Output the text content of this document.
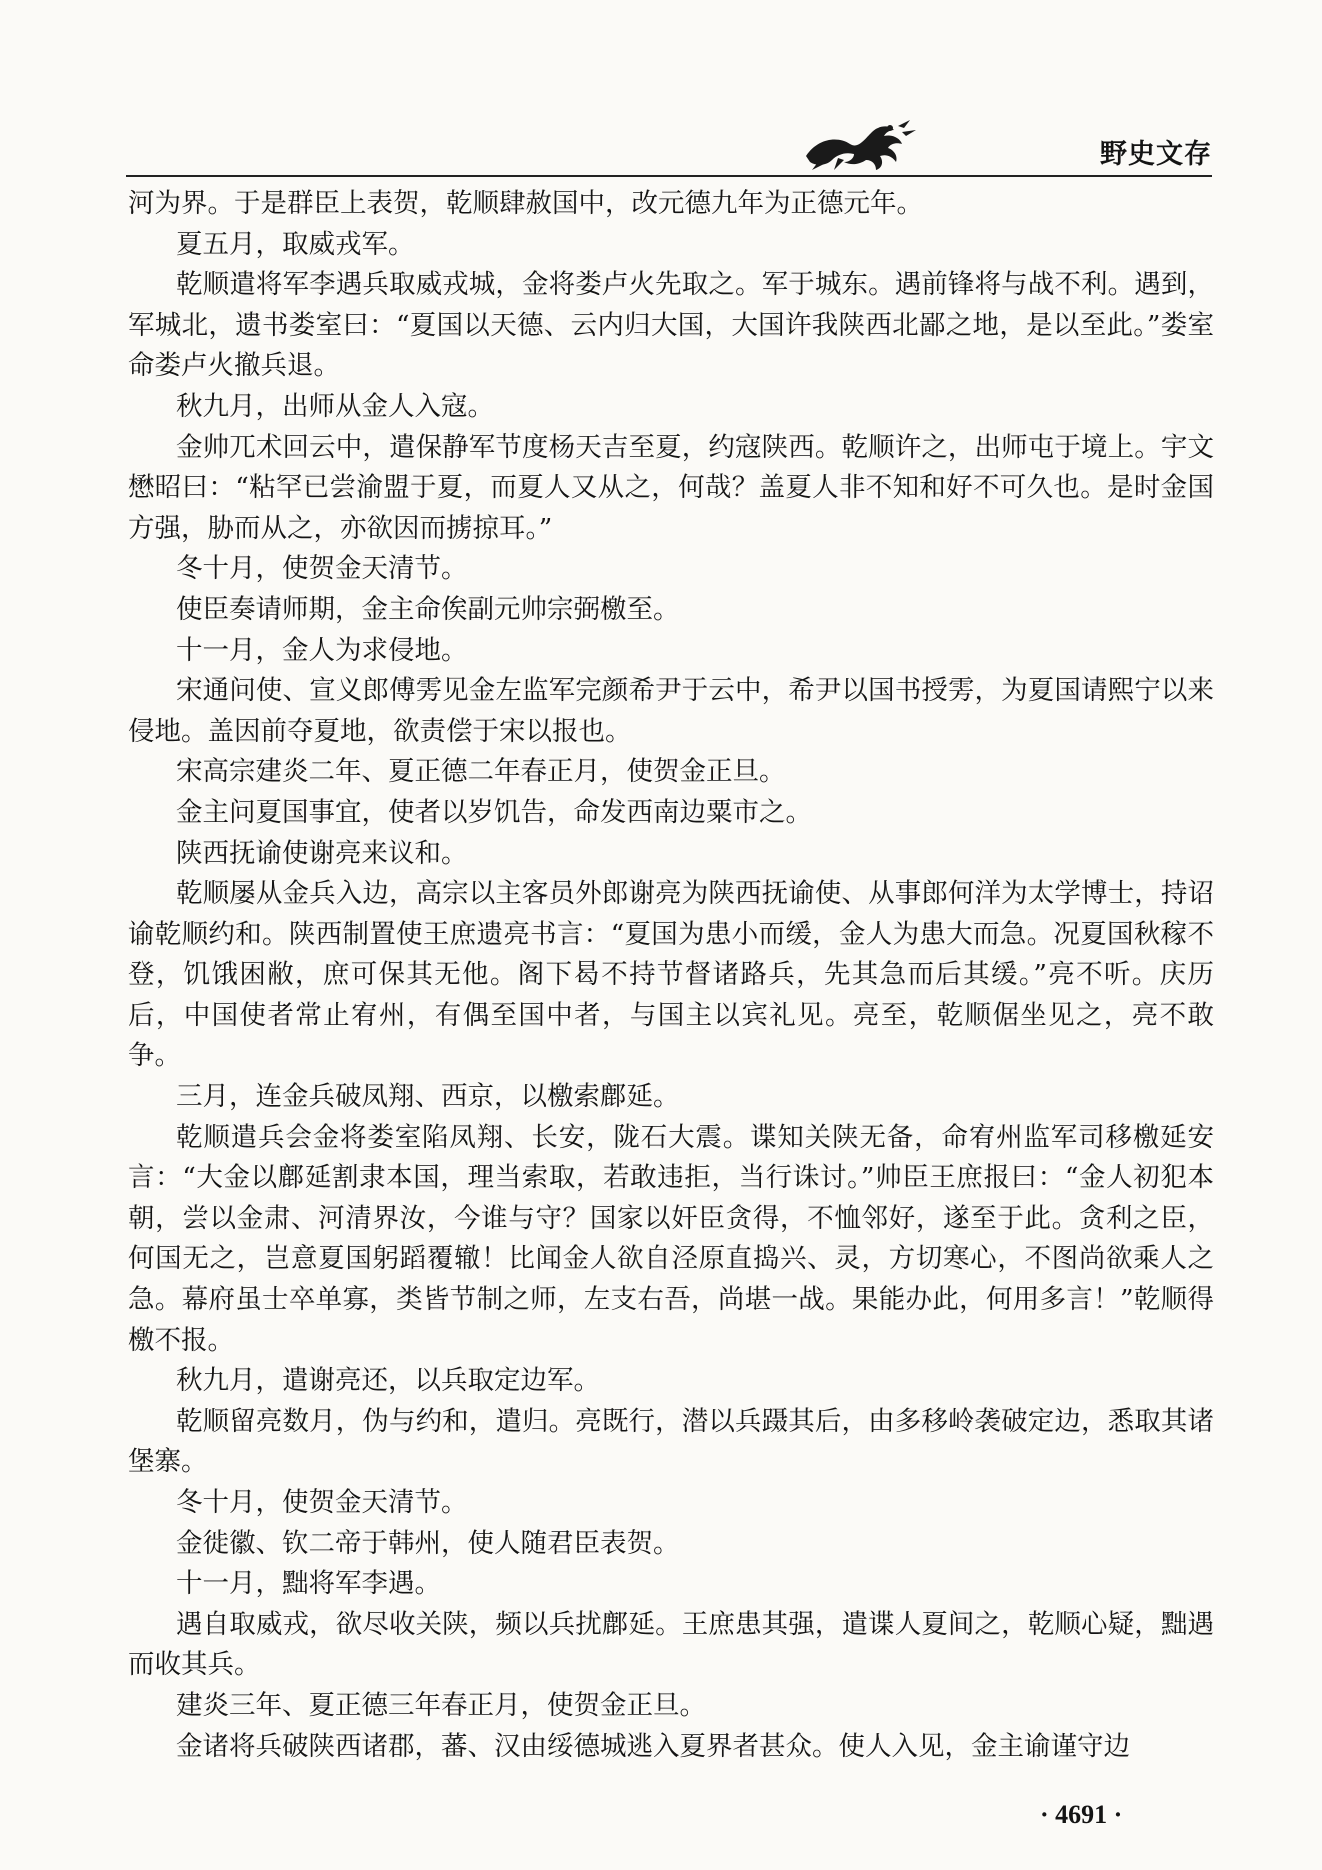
野史文存

河为界。于是群臣上表贺，乾顺肆赦国中，改元德九年为正德元年。

夏五月，取威戎军。

乾顺遣将军李遇兵取威戎城，金将娄卢火先取之。军于城东。遇前锋将与战不利。遇到，军城北，遗书娄室曰：“夏国以天德、云内归大国，大国许我陕西北鄙之地，是以至此。”娄室命娄卢火撤兵退。

秋九月，出师从金人入寇。

金帅兀术回云中，遣保静军节度杨天吉至夏，约寇陕西。乾顺许之，出师屯于境上。宇文懋昭曰：“粘罕已尝渝盟于夏，而夏人又从之，何哉？盖夏人非不知和好不可久也。是时金国方强，胁而从之，亦欲因而掳掠耳。”

冬十月，使贺金天清节。

使臣奏请师期，金主命俟副元帅宗弼檄至。

十一月，金人为求侵地。

宋通问使、宣义郎傅雱见金左监军完颜希尹于云中，希尹以国书授雱，为夏国请熙宁以来侵地。盖因前夺夏地，欲责偿于宋以报也。

宋高宗建炎二年、夏正德二年春正月，使贺金正旦。

金主问夏国事宜，使者以岁饥告，命发西南边粟市之。

陕西抚谕使谢亮来议和。

乾顺屡从金兵入边，高宗以主客员外郎谢亮为陕西抚谕使、从事郎何洋为太学博士，持诏谕乾顺约和。陕西制置使王庶遗亮书言：“夏国为患小而缓，金人为患大而急。况夏国秋稼不登，饥饿困敝，庶可保其无他。阁下曷不持节督诸路兵，先其急而后其缓。”亮不听。庆历后，中国使者常止宥州，有偶至国中者，与国主以宾礼见。亮至，乾顺倨坐见之，亮不敢争。

三月，连金兵破凤翔、西京，以檄索鄜延。

乾顺遣兵会金将娄室陷凤翔、长安，陇石大震。谍知关陕无备，命宥州监军司移檄延安言：“大金以鄜延割隶本国，理当索取，若敢违拒，当行诛讨。”帅臣王庶报曰：“金人初犯本朝，尝以金肃、河清界汝，今谁与守？国家以奸臣贪得，不恤邻好，遂至于此。贪利之臣，何国无之，岂意夏国躬蹈覆辙！比闻金人欲自泾原直捣兴、灵，方切寒心，不图尚欲乘人之急。幕府虽士卒单寡，类皆节制之师，左支右吾，尚堪一战。果能办此，何用多言！”乾顺得檄不报。

秋九月，遣谢亮还，以兵取定边军。

乾顺留亮数月，伪与约和，遣归。亮既行，潜以兵蹑其后，由多移岭袭破定边，悉取其诸堡寨。

冬十月，使贺金天清节。

金徙徽、钦二帝于韩州，使人随君臣表贺。

十一月，黜将军李遇。

遇自取威戎，欲尽收关陕，频以兵扰鄜延。王庶患其强，遣谍人夏间之，乾顺心疑，黜遇而收其兵。

建炎三年、夏正德三年春正月，使贺金正旦。

金诸将兵破陕西诸郡，蕃、汉由绥德城逃入夏界者甚众。使人入见，金主谕谨守边

· 4691 ·
